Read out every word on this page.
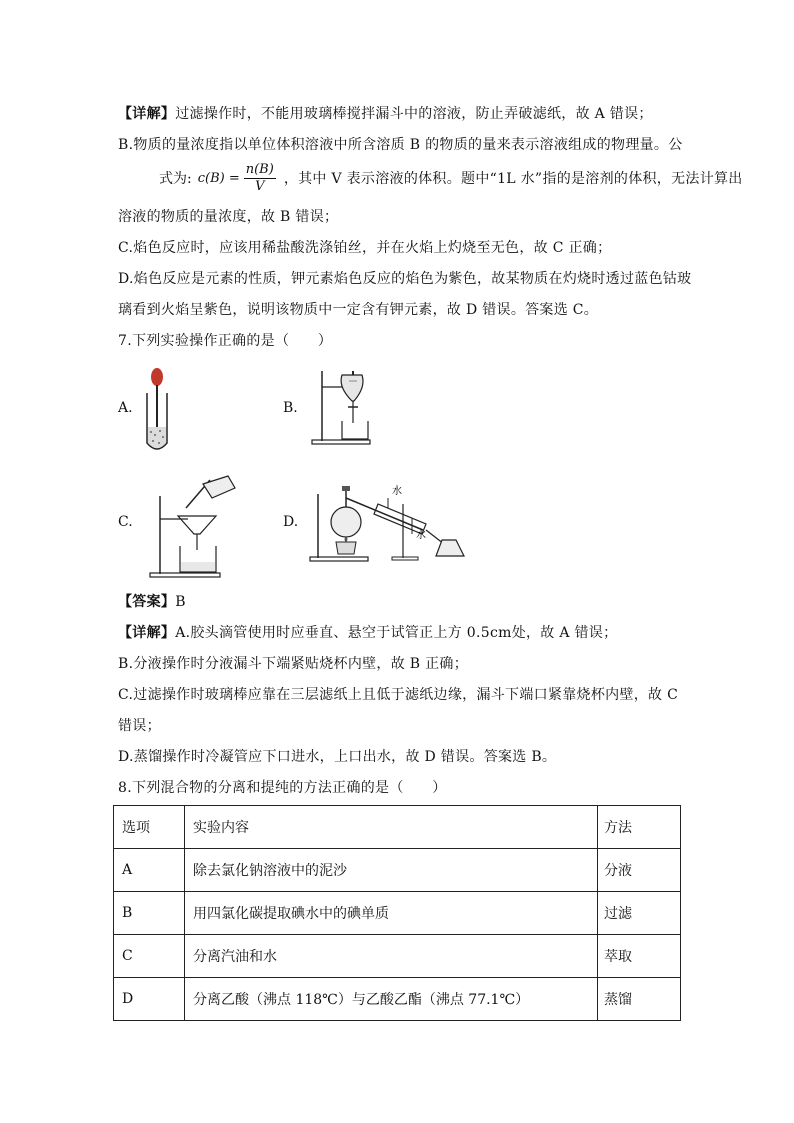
【详解】过滤操作时，不能用玻璃棒搅拌漏斗中的溶液，防止弄破滤纸，故 A 错误；
B.物质的量浓度指以单位体积溶液中所含溶质 B 的物质的量来表示溶液组成的物理量。公
式为: $c(B) = \frac{n(B)}{V}$ ，其中 V 表示溶液的体积。题中“1L 水”指的是溶剂的体积，无法计算出
溶液的物质的量浓度，故 B 错误；
C.焰色反应时，应该用稀盐酸洗涤铂丝，并在火焰上灼烧至无色，故 C 正确；
D.焰色反应是元素的性质，钾元素焰色反应的焰色为紫色，故某物质在灼烧时透过蓝色钴玻
璃看到火焰呈紫色，说明该物质中一定含有钾元素，故 D 错误。答案选 C。
7.下列实验操作正确的是（　　）
A.	B.
C.	D.
水
水
【答案】B
【详解】A.胶头滴管使用时应垂直、悬空于试管正上方 0.5cm处，故 A 错误；
B.分液操作时分液漏斗下端紧贴烧杯内壁，故 B 正确；
C.过滤操作时玻璃棒应靠在三层滤纸上且低于滤纸边缘，漏斗下端口紧靠烧杯内壁，故 C
错误；
D.蒸馏操作时冷凝管应下口进水，上口出水，故 D 错误。答案选 B。
8.下列混合物的分离和提纯的方法正确的是（　　）
选项	实验内容	方法
A	除去氯化钠溶液中的泥沙	分液
B	用四氯化碳提取碘水中的碘单质	过滤
C	分离汽油和水	萃取
D	分离乙酸（沸点 118℃）与乙酸乙酯（沸点 77.1℃）	蒸馏
